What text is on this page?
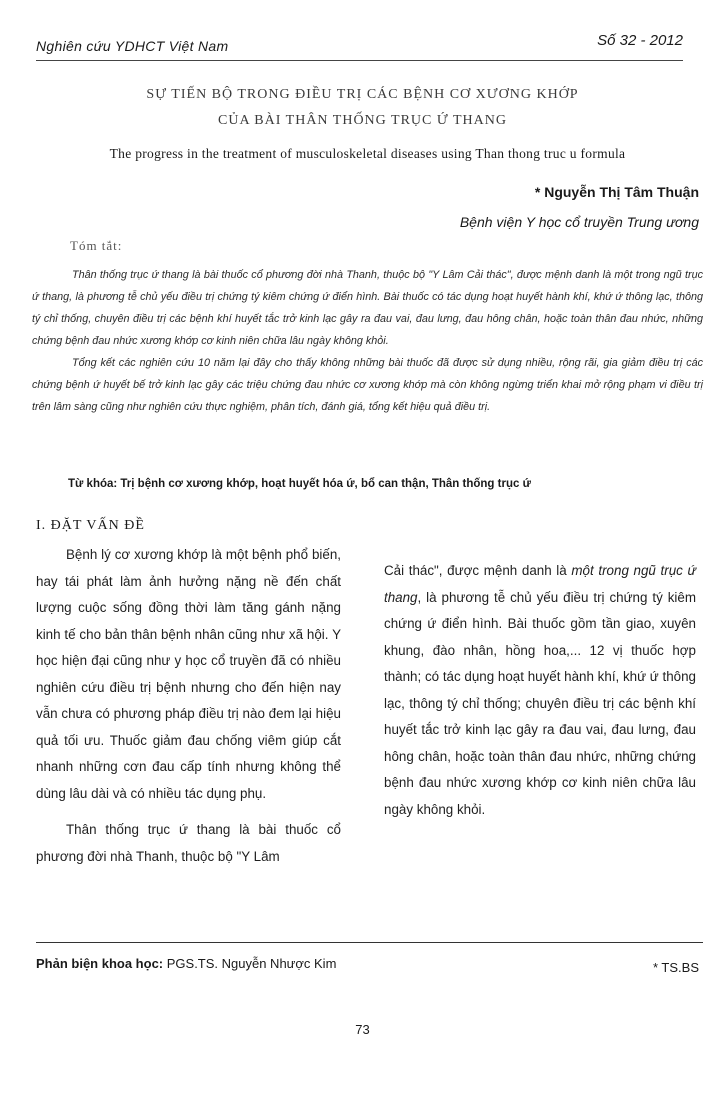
Nghiên cứu YDHCT Việt Nam	Số 32 - 2012
SỰ TIẾN BỘ TRONG ĐIỀU TRỊ CÁC BỆNH CƠ XƯƠNG KHỚP
CỦA BÀI THÂN THỐNG TRỤC Ứ THANG
The progress in the treatment of musculoskeletal diseases using Than thong truc u formula
* Nguyễn Thị Tâm Thuận
Bệnh viện Y học cổ truyền Trung ương
Tóm tắt:

Thân thống trục ứ thang là bài thuốc cổ phương đời nhà Thanh, thuộc bộ "Y Lâm Cải thác", được mệnh danh là một trong ngũ trục ứ thang, là phương tễ chủ yếu điều trị chứng tý kiêm chứng ứ điển hình. Bài thuốc có tác dụng hoạt huyết hành khí, khứ ứ thông lạc, thông tý chỉ thống, chuyên điều trị các bệnh khí huyết tắc trở kinh lạc gây ra đau vai, đau lưng, đau hông chân, hoặc toàn thân đau nhức, những chứng bệnh đau nhức xương khớp cơ kinh niên chữa lâu ngày không khỏi.

Tổng kết các nghiên cứu 10 năm lại đây cho thấy không những bài thuốc đã được sử dụng nhiều, rộng rãi, gia giảm điều trị các chứng bệnh ứ huyết bế trở kinh lạc gây các triệu chứng đau nhức cơ xương khớp mà còn không ngừng triển khai mở rộng phạm vi điều trị trên lâm sàng cũng như nghiên cứu thực nghiệm, phân tích, đánh giá, tổng kết hiệu quả điều trị.

Từ khóa: Trị bệnh cơ xương khớp, hoạt huyết hóa ứ, bổ can thận, Thân thống trục ứ
I. ĐẶT VẤN ĐỀ

Bệnh lý cơ xương khớp là một bệnh phổ biến, hay tái phát làm ảnh hưởng nặng nề đến chất lượng cuộc sống đồng thời làm tăng gánh nặng kinh tế cho bản thân bệnh nhân cũng như xã hội. Y học hiện đại cũng như y học cổ truyền đã có nhiều nghiên cứu điều trị bệnh nhưng cho đến hiện nay vẫn chưa có phương pháp điều trị nào đem lại hiệu quả tối ưu. Thuốc giảm đau chống viêm giúp cắt nhanh những cơn đau cấp tính nhưng không thể dùng lâu dài và có nhiều tác dụng phụ.

Thân thống trục ứ thang là bài thuốc cổ phương đời nhà Thanh, thuộc bộ "Y Lâm

Cải thác", được mệnh danh là một trong ngũ trục ứ thang, là phương tễ chủ yếu điều trị chứng tý kiêm chứng ứ điển hình. Bài thuốc gồm tần giao, xuyên khung, đào nhân, hồng hoa,... 12 vị thuốc hợp thành; có tác dụng hoạt huyết hành khí, khứ ứ thông lạc, thông tý chỉ thống; chuyên điều trị các bệnh khí huyết tắc trở kinh lạc gây ra đau vai, đau lưng, đau hông chân, hoặc toàn thân đau nhức, những chứng bệnh đau nhức xương khớp cơ kinh niên chữa lâu ngày không khỏi.

Phản biện khoa học: PGS.TS. Nguyễn Nhược Kim	* TS.BS
73
